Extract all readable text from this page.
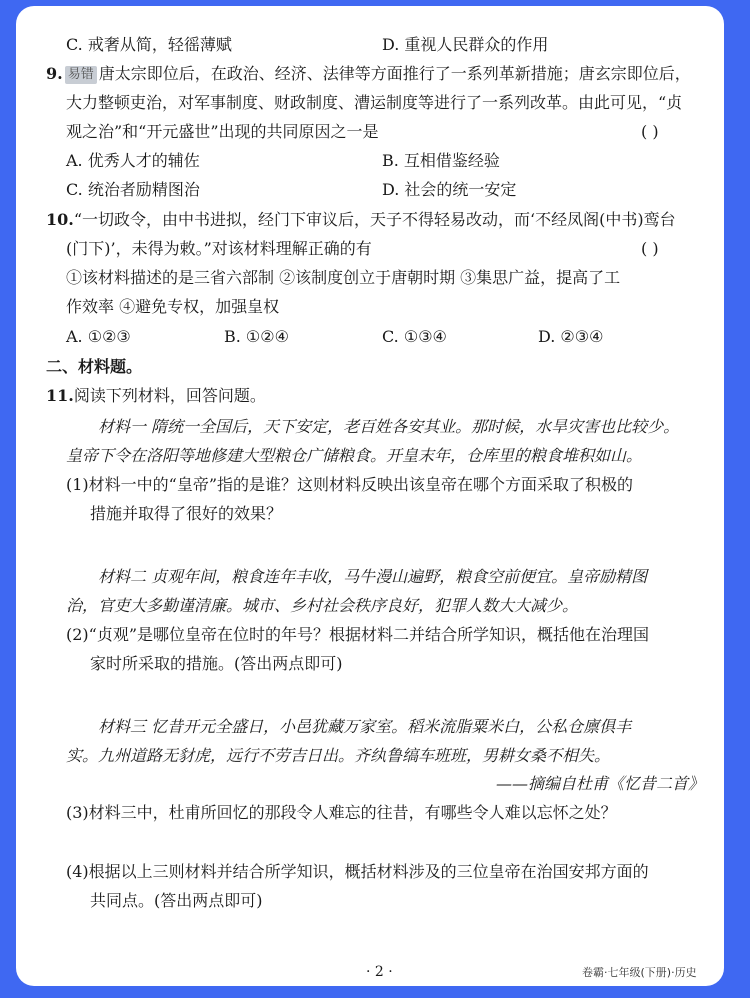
C. 戒奢从简，轻徭薄赋	D. 重视人民群众的作用
9. 易错 唐太宗即位后，在政治、经济、法律等方面推行了一系列革新措施；唐玄宗即位后，
大力整顿吏治，对军事制度、财政制度、漕运制度等进行了一系列改革。由此可见，“贞
观之治”和“开元盛世”出现的共同原因之一是	( )
A. 优秀人才的辅佐	B. 互相借鉴经验
C. 统治者励精图治	D. 社会的统一安定
10.“一切政令，由中书进拟，经门下审议后，天子不得轻易改动，而‘不经凤阁(中书)鸾台
(门下)’，未得为敕。”对该材料理解正确的有	( )
①该材料描述的是三省六部制 ②该制度创立于唐朝时期 ③集思广益，提高了工
作效率 ④避免专权，加强皇权
A. ①②③	B. ①②④	C. ①③④	D. ②③④
二、材料题。
11.阅读下列材料，回答问题。
材料一 隋统一全国后，天下安定，老百姓各安其业。那时候，水旱灾害也比较少。
皇帝下令在洛阳等地修建大型粮仓广储粮食。开皇末年，仓库里的粮食堆积如山。
(1)材料一中的“皇帝”指的是谁？这则材料反映出该皇帝在哪个方面采取了积极的
措施并取得了很好的效果？
材料二 贞观年间，粮食连年丰收，马牛漫山遍野，粮食空前便宜。皇帝励精图
治，官吏大多勤谨清廉。城市、乡村社会秩序良好，犯罪人数大大减少。
(2)“贞观”是哪位皇帝在位时的年号？根据材料二并结合所学知识，概括他在治理国
家时所采取的措施。(答出两点即可)
材料三 忆昔开元全盛日，小邑犹藏万家室。稻米流脂粟米白，公私仓廪俱丰
实。九州道路无豺虎，远行不劳吉日出。齐纨鲁缟车班班，男耕女桑不相失。
——摘编自杜甫《忆昔二首》
(3)材料三中，杜甫所回忆的那段令人难忘的往昔，有哪些令人难以忘怀之处？
(4)根据以上三则材料并结合所学知识，概括材料涉及的三位皇帝在治国安邦方面的
共同点。(答出两点即可)
· 2 ·	卷霸·七年级(下册)·历史
